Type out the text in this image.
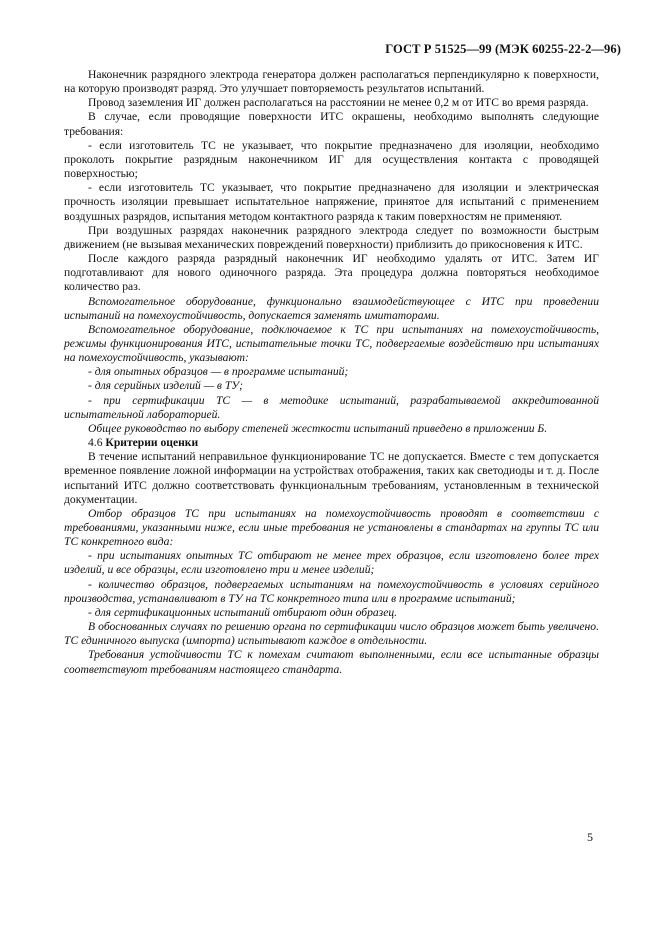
ГОСТ Р 51525—99 (МЭК 60255-22-2—96)

Наконечник разрядного электрода генератора должен располагаться перпендикулярно к поверхности, на которую производят разряд. Это улучшает повторяемость результатов испытаний.

Провод заземления ИГ должен располагаться на расстоянии не менее 0,2 м от ИТС во время разряда.

В случае, если проводящие поверхности ИТС окрашены, необходимо выполнять следующие требования:

- если изготовитель ТС не указывает, что покрытие предназначено для изоляции, необходимо проколоть покрытие разрядным наконечником ИГ для осуществления контакта с проводящей поверхностью;

- если изготовитель ТС указывает, что покрытие предназначено для изоляции и электрическая прочность изоляции превышает испытательное напряжение, принятое для испытаний с применением воздушных разрядов, испытания методом контактного разряда к таким поверхностям не применяют.

При воздушных разрядах наконечник разрядного электрода следует по возможности быстрым движением (не вызывая механических повреждений поверхности) приблизить до прикосновения к ИТС.

После каждого разряда разрядный наконечник ИГ необходимо удалять от ИТС. Затем ИГ подготавливают для нового одиночного разряда. Эта процедура должна повторяться необходимое количество раз.

Вспомогательное оборудование, функционально взаимодействующее с ИТС при проведении испытаний на помехоустойчивость, допускается заменять имитаторами.

Вспомогательное оборудование, подключаемое к ТС при испытаниях на помехоустойчивость, режимы функционирования ИТС, испытательные точки ТС, подвергаемые воздействию при испытаниях на помехоустойчивость, указывают:

- для опытных образцов — в программе испытаний;

- для серийных изделий — в ТУ;

- при сертификации ТС — в методике испытаний, разрабатываемой аккредитованной испытательной лабораторией.

Общее руководство по выбору степеней жесткости испытаний приведено в приложении Б.

4.6 Критерии оценки

В течение испытаний неправильное функционирование ТС не допускается. Вместе с тем допускается временное появление ложной информации на устройствах отображения, таких как светодиоды и т. д. После испытаний ИТС должно соответствовать функциональным требованиям, установленным в технической документации.

Отбор образцов ТС при испытаниях на помехоустойчивость проводят в соответствии с требованиями, указанными ниже, если иные требования не установлены в стандартах на группы ТС или ТС конкретного вида:

- при испытаниях опытных ТС отбирают не менее трех образцов, если изготовлено более трех изделий, и все образцы, если изготовлено три и менее изделий;

- количество образцов, подвергаемых испытаниям на помехоустойчивость в условиях серийного производства, устанавливают в ТУ на ТС конкретного типа или в программе испытаний;

- для сертификационных испытаний отбирают один образец.

В обоснованных случаях по решению органа по сертификации число образцов может быть увеличено. ТС единичного выпуска (импорта) испытывают каждое в отдельности.

Требования устойчивости ТС к помехам считают выполненными, если все испытанные образцы соответствуют требованиям настоящего стандарта.

5
